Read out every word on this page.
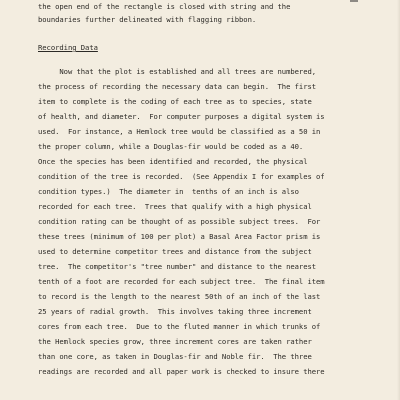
the open end of the rectangle is closed with string and the
boundaries further delineated with flagging ribbon.
Recording Data
Now that the plot is established and all trees are numbered,
the process of recording the necessary data can begin.  The first
item to complete is the coding of each tree as to species, state
of health, and diameter.  For computer purposes a digital system is
used.  For instance, a Hemlock tree would be classified as a 50 in
the proper column, while a Douglas-fir would be coded as a 40.
Once the species has been identified and recorded, the physical
condition of the tree is recorded.  (See Appendix I for examples of
condition types.)  The diameter in  tenths of an inch is also
recorded for each tree.  Trees that qualify with a high physical
condition rating can be thought of as possible subject trees.  For
these trees (minimum of 100 per plot) a Basal Area Factor prism is
used to determine competitor trees and distance from the subject
tree.  The competitor's "tree number" and distance to the nearest
tenth of a foot are recorded for each subject tree.  The final item
to record is the length to the nearest 50th of an inch of the last
25 years of radial growth.  This involves taking three increment
cores from each tree.  Due to the fluted manner in which trunks of
the Hemlock species grow, three increment cores are taken rather
than one core, as taken in Douglas-fir and Noble fir.  The three
readings are recorded and all paper work is checked to insure there
